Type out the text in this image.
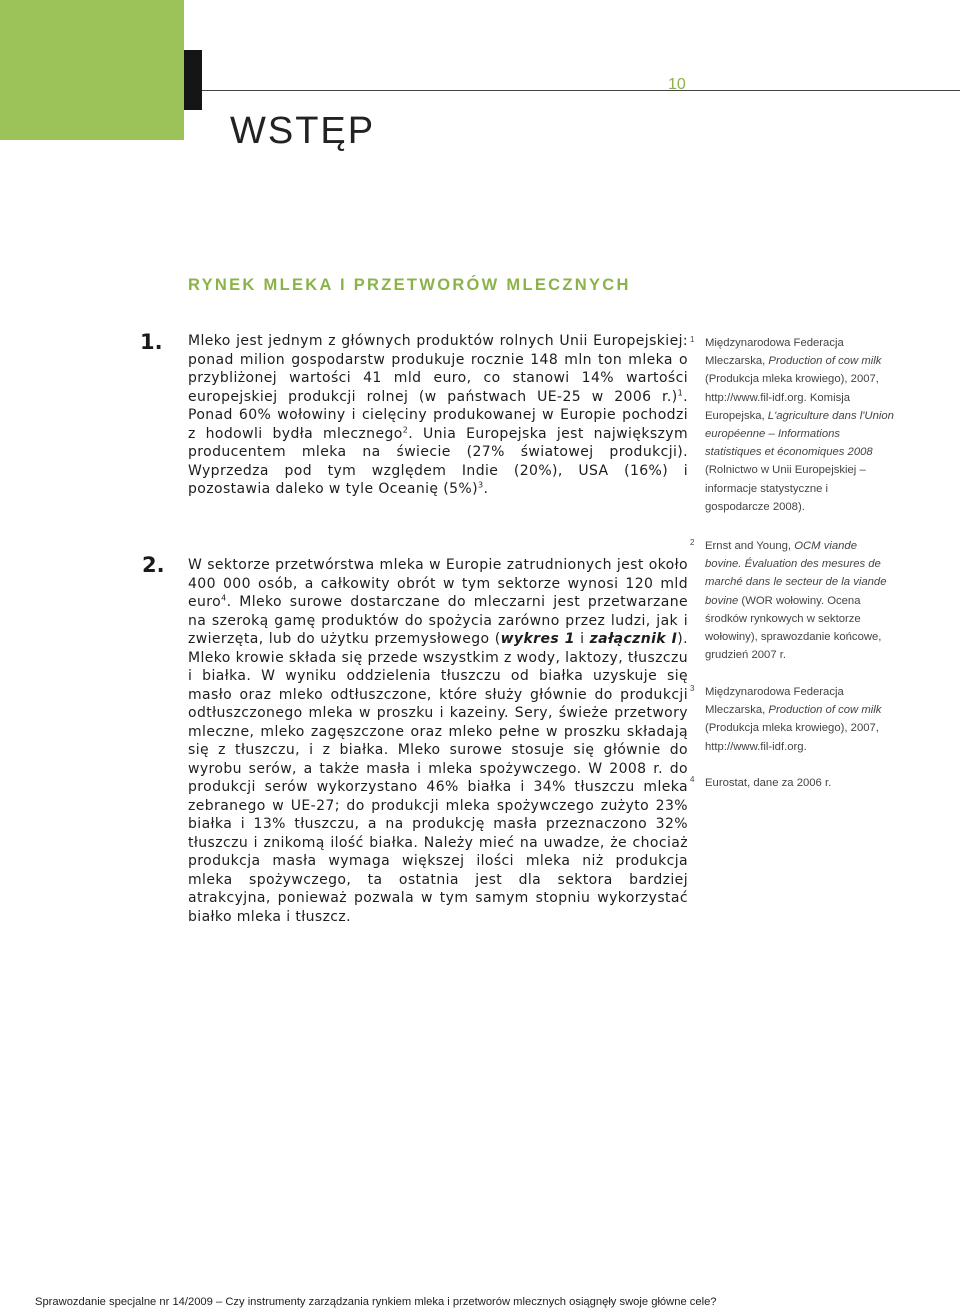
10
WSTĘP
RYNEK MLEKA I PRZETWORÓW MLECZNYCH
1. Mleko jest jednym z głównych produktów rolnych Unii Europejskiej: ponad milion gospodarstw produkuje rocznie 148 mln ton mleka o przybliżonej wartości 41 mld euro, co stanowi 14% wartości europejskiej produkcji rolnej (w państwach UE-25 w 2006 r.)$^1$. Ponad 60% wołowiny i cielęciny produkowanej w Europie pochodzi z hodowli bydła mlecznego$^2$. Unia Europejska jest największym producentem mleka na świecie (27% światowej produkcji). Wyprzedza pod tym względem Indie (20%), USA (16%) i pozostawia daleko w tyle Oceanię $(5\%)^3$.

2. W sektorze przetwórstwa mleka w Europie zatrudnionych jest około 400 000 osób, a całkowity obrót w tym sektorze wynosi 120 mld euro$^4$. Mleko surowe dostarczane do mleczarni jest przetwarzane na szeroką gamę produktów do spożycia zarówno przez ludzi, jak i zwierzęta, lub do użytku przemysłowego (wykres 1 i załącznik I). Mleko krowie składa się przede wszystkim z wody, laktozy, tłuszczu i białka. W wyniku oddzielenia tłuszczu od białka uzyskuje się masło oraz mleko odtłuszczone, które służy głównie do produkcji odtłuszczonego mleka w proszku i kazeiny. Sery, świeże przetwory mleczne, mleko zagęszczone oraz mleko pełne w proszku składają się z tłuszczu, i z białka. Mleko surowe stosuje się głównie do wyrobu serów, a także masła i mleka spożywczego. W 2008 r. do produkcji serów wykorzystano 46% białka i 34% tłuszczu mleka zebranego w UE-27; do produkcji mleka spożywczego zużyto 23% białka i 13% tłuszczu, a na produkcję masła przeznaczono 32% tłuszczu i znikomą ilość białka. Należy mieć na uwadze, że chociaż produkcja masła wymaga większej ilości mleka niż produkcja mleka spożywczego, ta ostatnia jest dla sektora bardziej atrakcyjna, ponieważ pozwala w tym samym stopniu wykorzystać białko mleka i tłuszcz.

1 Międzynarodowa Federacja Mleczarska, Production of cow milk (Produkcja mleka krowiego), 2007, http://www.fil-idf.org. Komisja Europejska, L'agriculture dans l'Union européenne – Informations statistiques et économiques 2008 (Rolnictwo w Unii Europejskiej – informacje statystyczne i gospodarcze 2008).
2 Ernst and Young, OCM viande bovine. Évaluation des mesures de marché dans le secteur de la viande bovine (WOR wołowiny. Ocena środków rynkowych w sektorze wołowiny), sprawozdanie końcowe, grudzień 2007 r.
3 Międzynarodowa Federacja Mleczarska, Production of cow milk (Produkcja mleka krowiego), 2007, http://www.fil-idf.org.
4 Eurostat, dane za 2006 r.
Sprawozdanie specjalne nr 14/2009 – Czy instrumenty zarządzania rynkiem mleka i przetworów mlecznych osiągnęły swoje główne cele?
